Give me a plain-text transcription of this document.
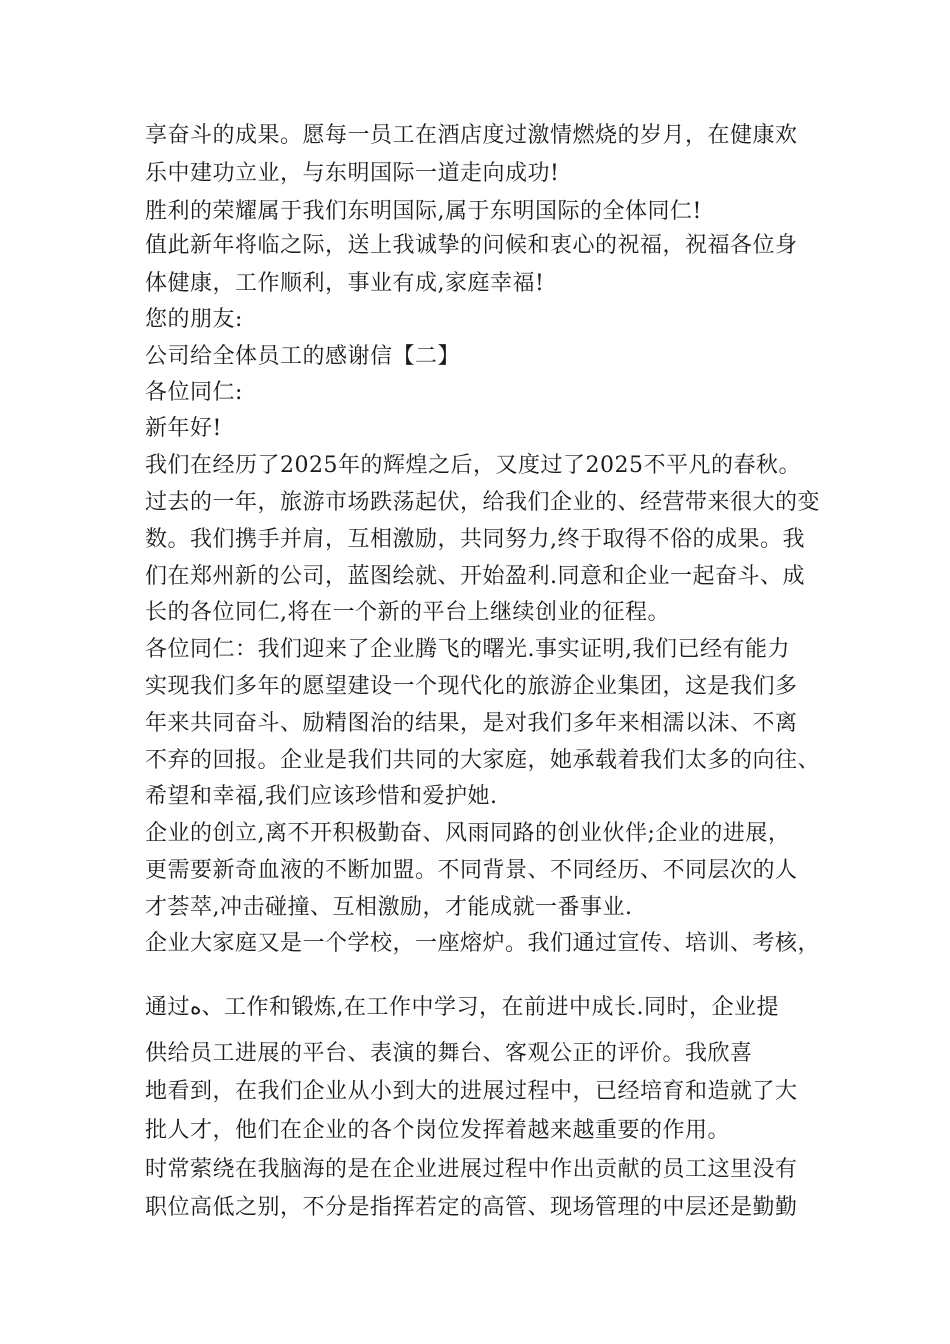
享奋斗的成果。愿每一员工在酒店度过激情燃烧的岁月，在健康欢
乐中建功立业，与东明国际一道走向成功!
胜利的荣耀属于我们东明国际,属于东明国际的全体同仁!
值此新年将临之际，送上我诚挚的问候和衷心的祝福，祝福各位身
体健康，工作顺利，事业有成,家庭幸福!
您的朋友:
公司给全体员工的感谢信【二】
各位同仁:
新年好!
我们在经历了2025年的辉煌之后，又度过了2025不平凡的春秋。
过去的一年，旅游市场跌荡起伏，给我们企业的、经营带来很大的变
数。我们携手并肩，互相激励，共同努力,终于取得不俗的成果。我
们在郑州新的公司，蓝图绘就、开始盈利.同意和企业一起奋斗、成
长的各位同仁,将在一个新的平台上继续创业的征程。
各位同仁：我们迎来了企业腾飞的曙光.事实证明,我们已经有能力
实现我们多年的愿望建设一个现代化的旅游企业集团，这是我们多
年来共同奋斗、励精图治的结果，是对我们多年来相濡以沫、不离
不弃的回报。企业是我们共同的大家庭，她承载着我们太多的向往、
希望和幸福,我们应该珍惜和爱护她.
企业的创立,离不开积极勤奋、风雨同路的创业伙伴;企业的进展，
更需要新奇血液的不断加盟。不同背景、不同经历、不同层次的人
才荟萃,冲击碰撞、互相激励，才能成就一番事业.
企业大家庭又是一个学校，一座熔炉。我们通过宣传、培训、考核，
通过ﻩ、工作和锻炼,在工作中学习，在前进中成长.同时，企业提
供给员工进展的平台、表演的舞台、客观公正的评价。我欣喜
地看到，在我们企业从小到大的进展过程中，已经培育和造就了大
批人才，他们在企业的各个岗位发挥着越来越重要的作用。
时常萦绕在我脑海的是在企业进展过程中作出贡献的员工这里没有
职位高低之别，不分是指挥若定的高管、现场管理的中层还是勤勤
